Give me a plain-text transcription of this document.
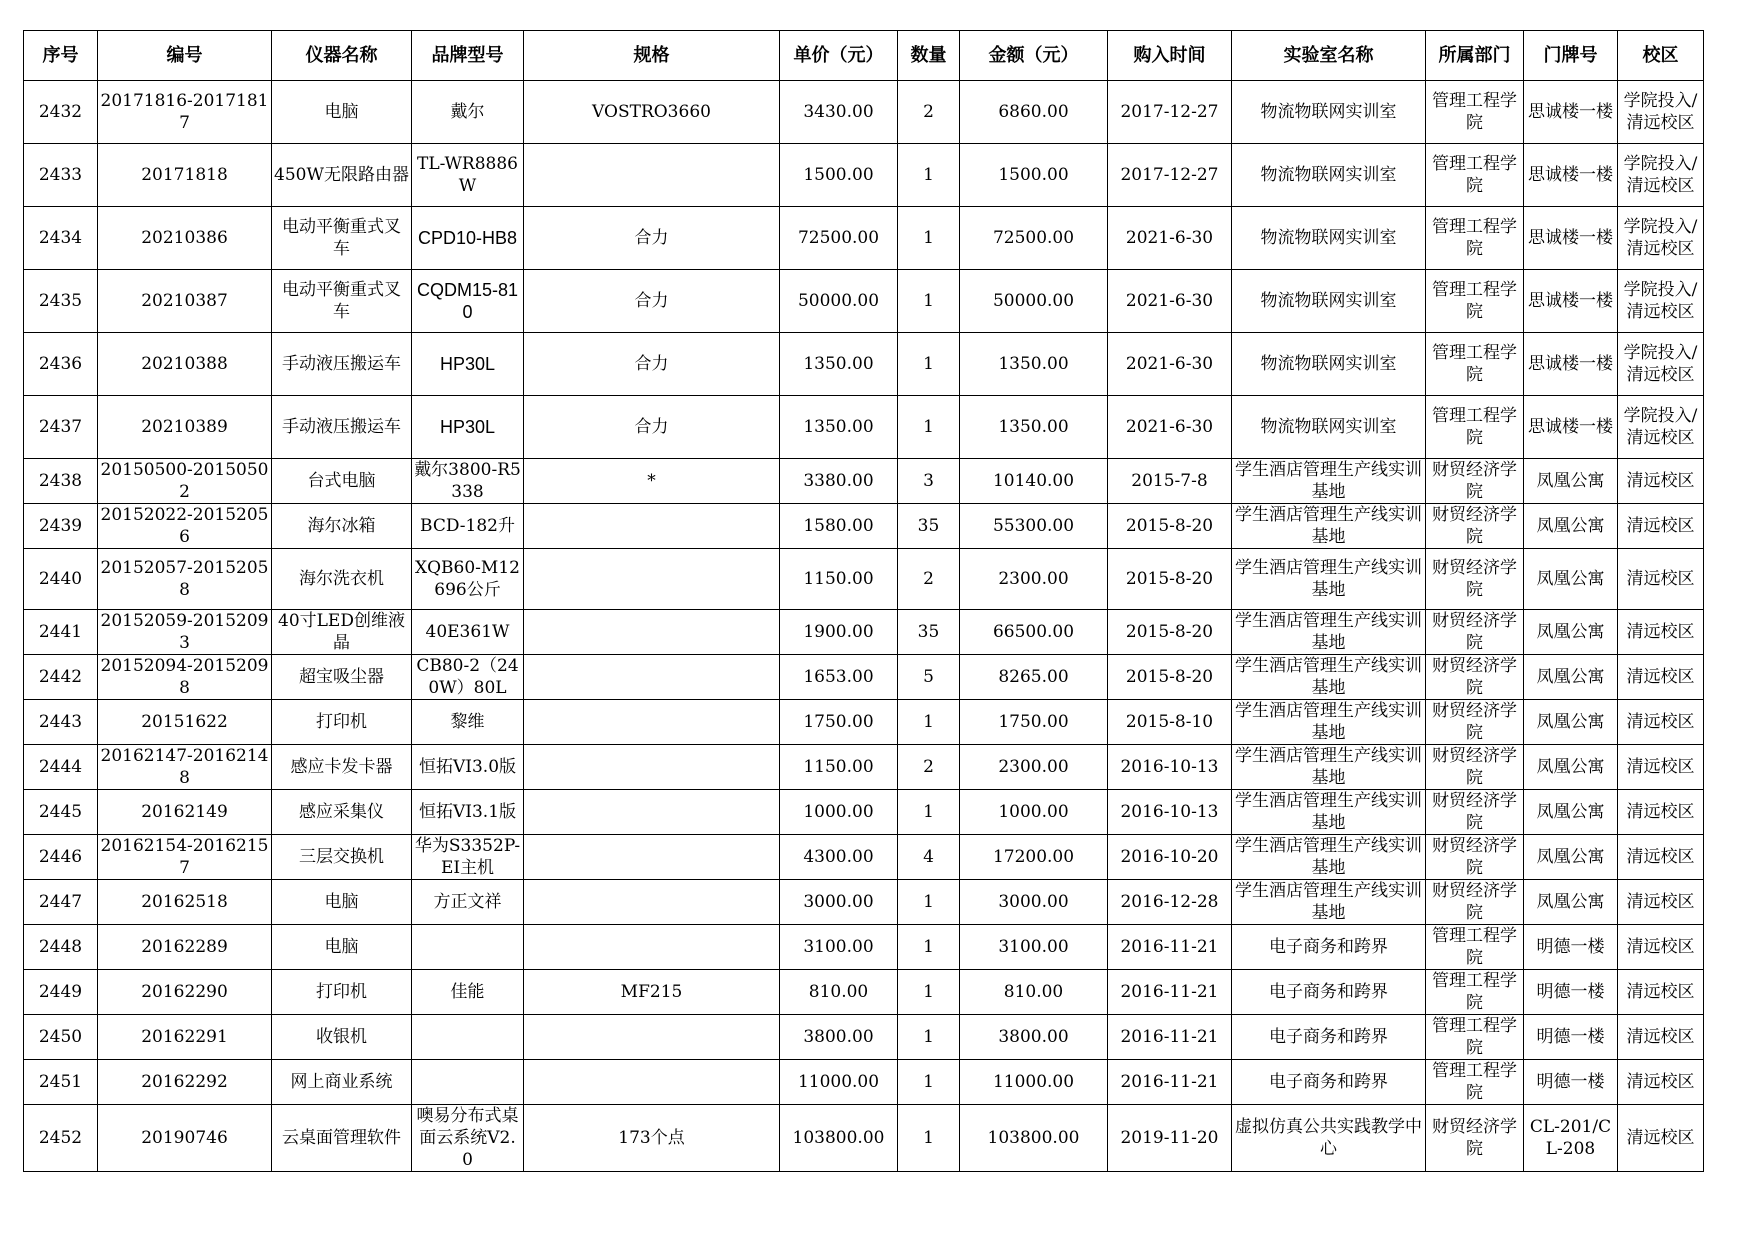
序号	编号	仪器名称	品牌型号	规格	单价（元）	数量	金额（元）	购入时间	实验室名称	所属部门	门牌号	校区

2432	20171816-20171817	电脑	戴尔	VOSTRO3660	3430.00	2	6860.00	2017-12-27	物流物联网实训室	管理工程学院	思诚楼一楼	学院投入/清远校区

2433	20171818	450W无限路由器	TL-WR8886W		1500.00	1	1500.00	2017-12-27	物流物联网实训室	管理工程学院	思诚楼一楼	学院投入/清远校区

2434	20210386	电动平衡重式叉车	CPD10-HB8	合力	72500.00	1	72500.00	2021-6-30	物流物联网实训室	管理工程学院	思诚楼一楼	学院投入/清远校区

2435	20210387	电动平衡重式叉车	CQDM15-810	合力	50000.00	1	50000.00	2021-6-30	物流物联网实训室	管理工程学院	思诚楼一楼	学院投入/清远校区

2436	20210388	手动液压搬运车	HP30L	合力	1350.00	1	1350.00	2021-6-30	物流物联网实训室	管理工程学院	思诚楼一楼	学院投入/清远校区

2437	20210389	手动液压搬运车	HP30L	合力	1350.00	1	1350.00	2021-6-30	物流物联网实训室	管理工程学院	思诚楼一楼	学院投入/清远校区

2438	20150500-20150502	台式电脑	戴尔3800-R5338	*	3380.00	3	10140.00	2015-7-8	学生酒店管理生产线实训基地	财贸经济学院	凤凰公寓	清远校区

2439	20152022-20152056	海尔冰箱	BCD-182升		1580.00	35	55300.00	2015-8-20	学生酒店管理生产线实训基地	财贸经济学院	凤凰公寓	清远校区

2440	20152057-20152058	海尔洗衣机	XQB60-M12696公斤		1150.00	2	2300.00	2015-8-20	学生酒店管理生产线实训基地	财贸经济学院	凤凰公寓	清远校区

2441	20152059-20152093	40寸LED创维液晶	40E361W		1900.00	35	66500.00	2015-8-20	学生酒店管理生产线实训基地	财贸经济学院	凤凰公寓	清远校区

2442	20152094-20152098	超宝吸尘器	CB80-2（240W）80L		1653.00	5	8265.00	2015-8-20	学生酒店管理生产线实训基地	财贸经济学院	凤凰公寓	清远校区

2443	20151622	打印机	黎维		1750.00	1	1750.00	2015-8-10	学生酒店管理生产线实训基地	财贸经济学院	凤凰公寓	清远校区

2444	20162147-20162148	感应卡发卡器	恒拓VI3.0版		1150.00	2	2300.00	2016-10-13	学生酒店管理生产线实训基地	财贸经济学院	凤凰公寓	清远校区

2445	20162149	感应采集仪	恒拓VI3.1版		1000.00	1	1000.00	2016-10-13	学生酒店管理生产线实训基地	财贸经济学院	凤凰公寓	清远校区

2446	20162154-20162157	三层交换机	华为S3352P-EI主机		4300.00	4	17200.00	2016-10-20	学生酒店管理生产线实训基地	财贸经济学院	凤凰公寓	清远校区

2447	20162518	电脑	方正文祥		3000.00	1	3000.00	2016-12-28	学生酒店管理生产线实训基地	财贸经济学院	凤凰公寓	清远校区

2448	20162289	电脑			3100.00	1	3100.00	2016-11-21	电子商务和跨界	管理工程学院	明德一楼	清远校区

2449	20162290	打印机	佳能	MF215	810.00	1	810.00	2016-11-21	电子商务和跨界	管理工程学院	明德一楼	清远校区

2450	20162291	收银机			3800.00	1	3800.00	2016-11-21	电子商务和跨界	管理工程学院	明德一楼	清远校区

2451	20162292	网上商业系统			11000.00	1	11000.00	2016-11-21	电子商务和跨界	管理工程学院	明德一楼	清远校区

2452	20190746	云桌面管理软件	噢易分布式桌面云系统V2.0	173个点	103800.00	1	103800.00	2019-11-20	虚拟仿真公共实践教学中心	财贸经济学院	CL-201/CL-208	清远校区
